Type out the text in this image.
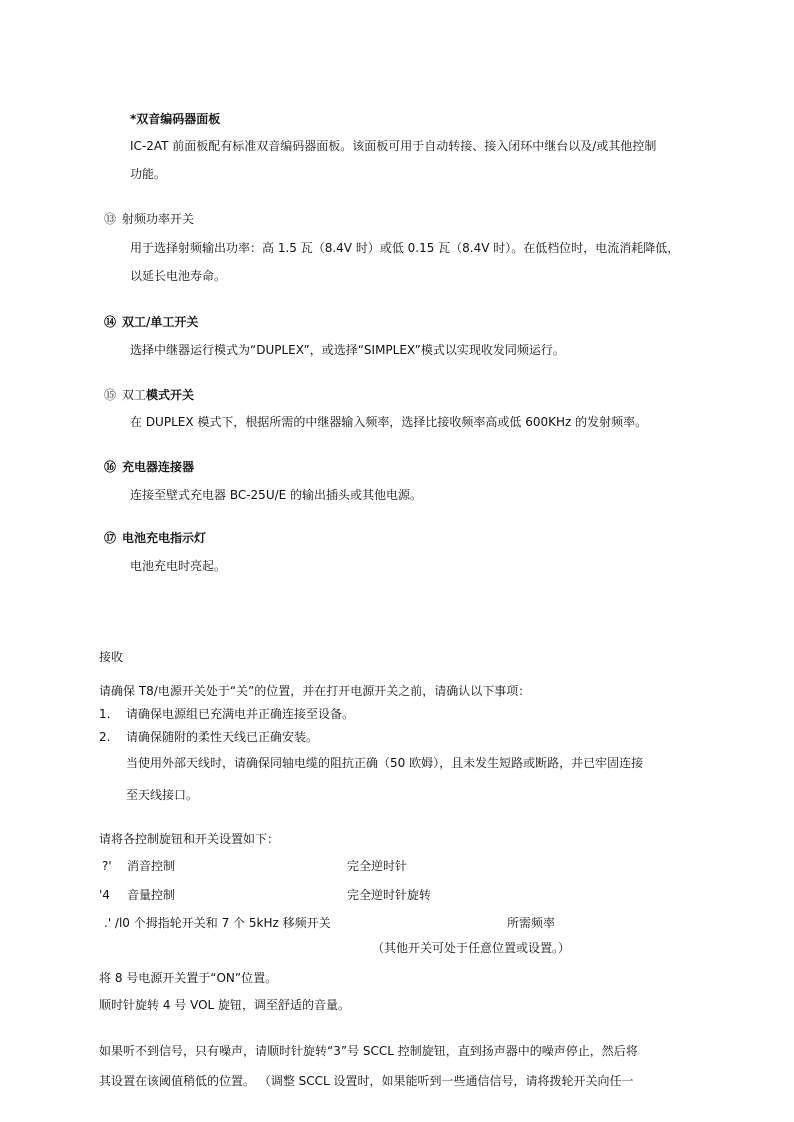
*双音编码器面板
IC-2AT 前面板配有标准双音编码器面板。该面板可用于自动转接、接入闭环中继台以及/或其他控制
功能。
⑬ 射频功率开关
用于选择射频输出功率：高 1.5 瓦（8.4V 时）或低 0.15 瓦（8.4V 时）。在低档位时，电流消耗降低，
以延长电池寿命。
⑭ 双工/单工开关
选择中继器运行模式为“DUPLEX”，或选择“SIMPLEX”模式以实现收发同频运行。
⑮ 双工模式开关
在 DUPLEX 模式下，根据所需的中继器输入频率，选择比接收频率高或低 600KHz 的发射频率。
⑯ 充电器连接器
连接至壁式充电器 BC-25U/E 的输出插头或其他电源。
⑰ 电池充电指示灯
电池充电时亮起。
接收
请确保 T8/电源开关处于“关”的位置，并在打开电源开关之前，请确认以下事项：
1. 请确保电源组已充满电并正确连接至设备。
2. 请确保随附的柔性天线已正确安装。
当使用外部天线时，请确保同轴电缆的阻抗正确（50 欧姆），且未发生短路或断路，并已牢固连接
至天线接口。
请将各控制旋钮和开关设置如下：
?' 消音控制	完全逆时针
'4 音量控制	完全逆时针旋转
.' /l0 个拇指轮开关和 7 个 5kHz 移频开关	所需频率
（其他开关可处于任意位置或设置。）
将 8 号电源开关置于“ON”位置。
顺时针旋转 4 号 VOL 旋钮，调至舒适的音量。
如果听不到信号，只有噪声，请顺时针旋转“3”号 SCCL 控制旋钮，直到扬声器中的噪声停止，然后将
其设置在该阈值稍低的位置。 （调整 SCCL 设置时，如果能听到一些通信信号，请将拨轮开关向任一
